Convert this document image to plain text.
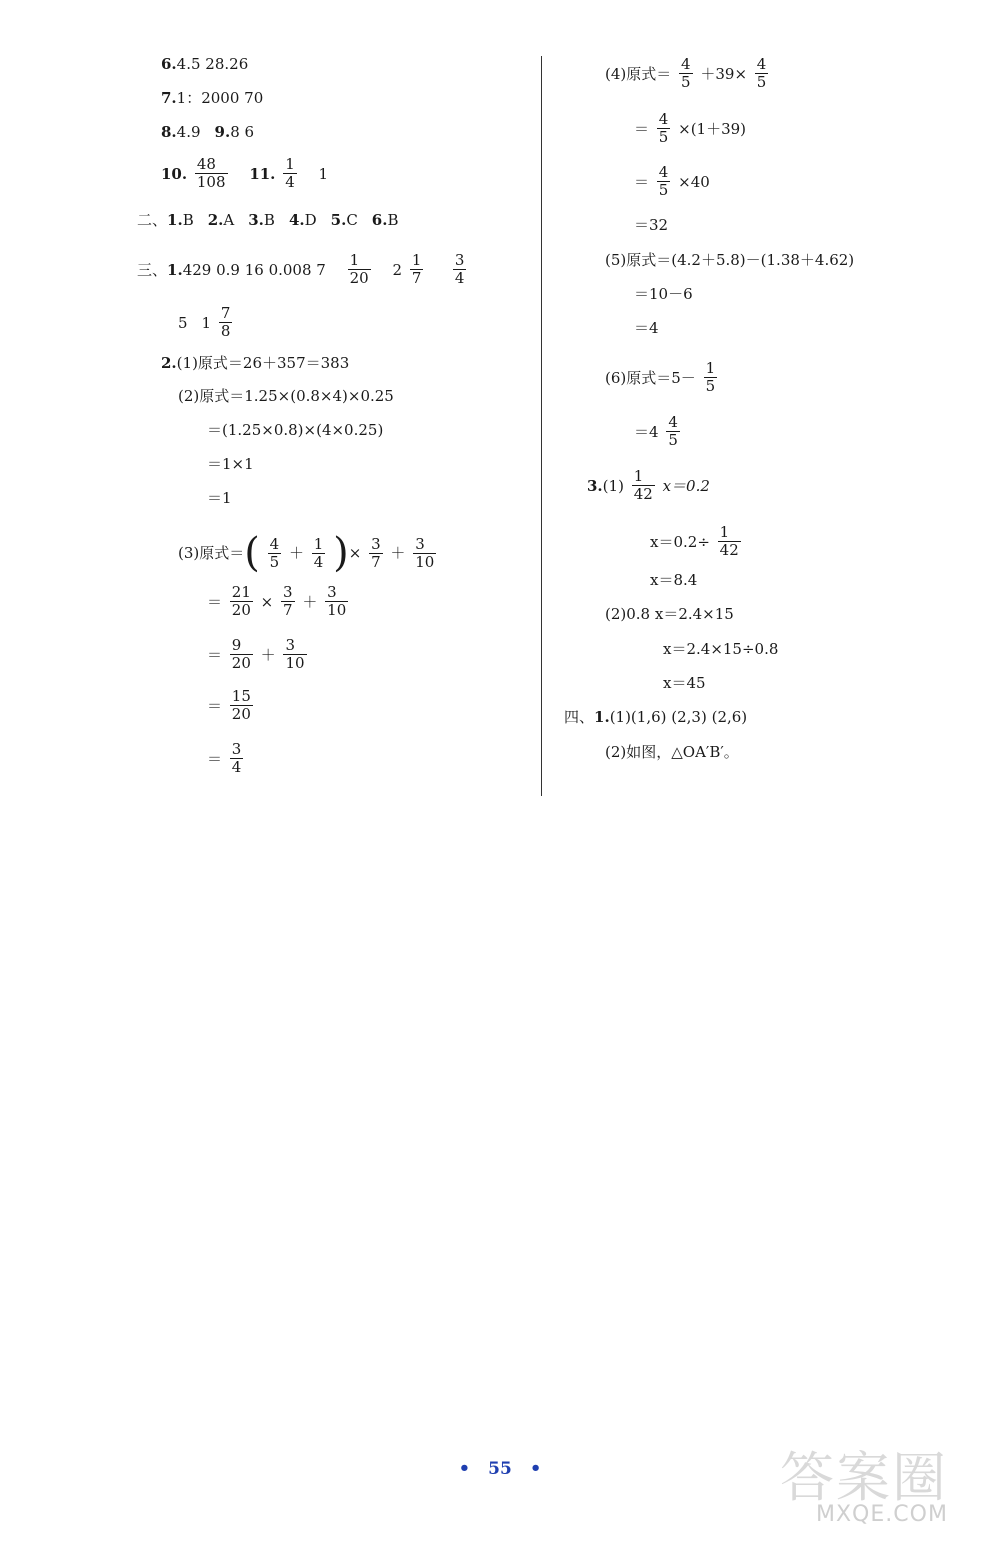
6.4.5 28.26
7.1：2000 70
8.4.9 9.8 6
10. $\frac{48}{108} 11$. $\frac{1}{4} 1$
二、1.B 2.A 3.B 4.D 5.C 6.B
三、1.429 0.9 16 0.008 $7 \frac{1}{20} 2 \frac{1}{7}$
$\frac{3}{4}$
5 $1 \frac{7}{8}$
2.(1)原式＝26＋357＝383
(2)原式＝1.25×(0.8×4)×0.25
＝(1.25×0.8)×(4×0.25)
＝1×1
＝1
(3)原式＝( $\frac{4}{5} + \frac{1}{4}$ )× $\frac{3}{7} + \frac{3}{10}$
＝ $\frac{21}{20} \times \frac{3}{7} + \frac{3}{10}$
＝ $\frac{9}{20} + \frac{3}{10}$
＝ $\frac{15}{20}$
＝ $\frac{3}{4}$
(4)原式＝ $\frac{4}{5} +39\times \frac{4}{5}$
＝ $\frac{4}{5} \times(1+39)$
＝ $\frac{4}{5} \times 40$
＝32
(5)原式＝(4.2＋5.8)－(1.38＋4.62)
＝10－6
＝4
(6)原式$=5- \frac{1}{5}$
$=4 \frac{4}{5}$
$3.(1) \frac{1}{42} x=0.2$
$x=0.2\div \frac{1}{42}$
x＝8.4
(2)0.8 x＝2.4×15
x＝2.4×15÷0.8
x＝45
四、1.(1)(1,6) (2,3) (2,6)
(2)如图，△OA′B′。
• 55 •	答案圈
MXQE.COM
